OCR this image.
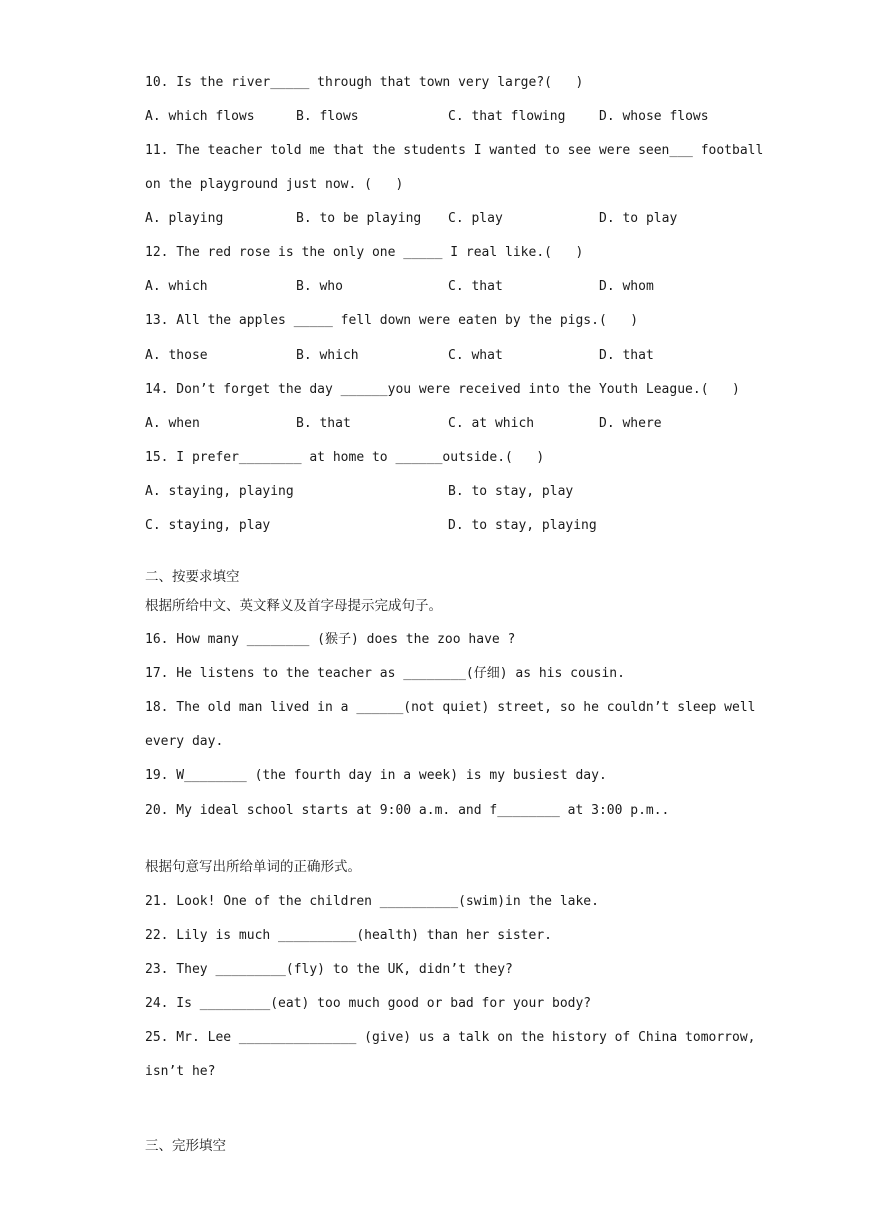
10. Is the river_____ through that town very large?(   )
A. which flows	B. flows	C. that flowing	D. whose flows
11. The teacher told me that the students I wanted to see were seen___ football
on the playground just now. (   )
A. playing	B. to be playing C. play	D. to play
12. The red rose is the only one _____ I real like.(   )
A. which	B. who	C. that	D. whom
13. All the apples _____ fell down were eaten by the pigs.(   )
A. those	B. which	C. what	D. that
14. Don’t forget the day ______you were received into the Youth League.(   )
A. when	B. that	C. at which	D. where
15. I prefer________ at home to ______outside.(   )
A. staying, playing	B. to stay, play
C. staying, play	D. to stay, playing
二、按要求填空
根据所给中文、英文释义及首字母提示完成句子。
16. How many ________ (猴子) does the zoo have ?
17. He listens to the teacher as ________(仔细) as his cousin.
18. The old man lived in a ______(not quiet) street, so he couldn’t sleep well
every day.
19. W________ (the fourth day in a week) is my busiest day.
20. My ideal school starts at 9:00 a.m. and f________ at 3:00 p.m..
根据句意写出所给单词的正确形式。
21. Look! One of the children __________(swim)in the lake.
22. Lily is much __________(health) than her sister.
23. They _________(fly) to the UK, didn’t they?
24. Is _________(eat) too much good or bad for your body?
25. Mr. Lee _______________ (give) us a talk on the history of China tomorrow,
isn’t he?
三、完形填空
